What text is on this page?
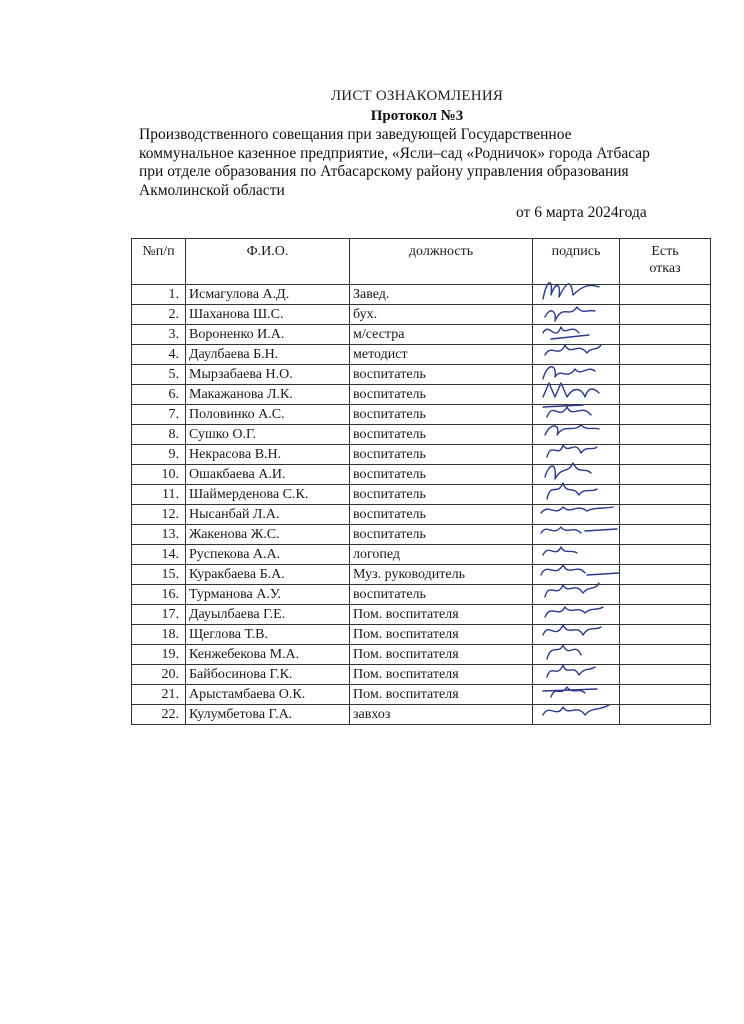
ЛИСТ ОЗНАКОМЛЕНИЯ
Протокол №3
Производственного совещания при заведующей Государственное
коммунальное казенное предприятие, «Ясли–сад «Родничок» города Атбасар
при отделе образования по Атбасарскому району управления образования
Акмолинской области
от 6 марта 2024года
№п/п	Ф.И.О.	должность	подпись	Есть
отказ
1.	Исмагулова А.Д.	Завед.	

2.	Шаханова Ш.С.	бух.	

3.	Вороненко И.А.	м/сестра	

4.	Даулбаева Б.Н.	методист	

5.	Мырзабаева Н.О.	воспитатель	

6.	Макажанова Л.К.	воспитатель	

7.	Половинко А.С.	воспитатель	

8.	Сушко О.Г.	воспитатель	

9.	Некрасова В.Н.	воспитатель	

10.	Ошакбаева А.И.	воспитатель	

11.	Шаймерденова С.К.	воспитатель	

12.	Нысанбай Л.А.	воспитатель	

13.	Жакенова Ж.С.	воспитатель	

14.	Руспекова А.А.	логопед	

15.	Куракбаева Б.А.	Муз. руководитель	

16.	Турманова А.У.	воспитатель	

17.	Дауылбаева Г.Е.	Пом. воспитателя	

18.	Щеглова Т.В.	Пом. воспитателя	

19.	Кенжебекова М.А.	Пом. воспитателя	

20.	Байбосинова Г.К.	Пом. воспитателя	

21.	Арыстамбаева О.К.	Пом. воспитателя	

22.	Кулумбетова Г.А.	завхоз	
